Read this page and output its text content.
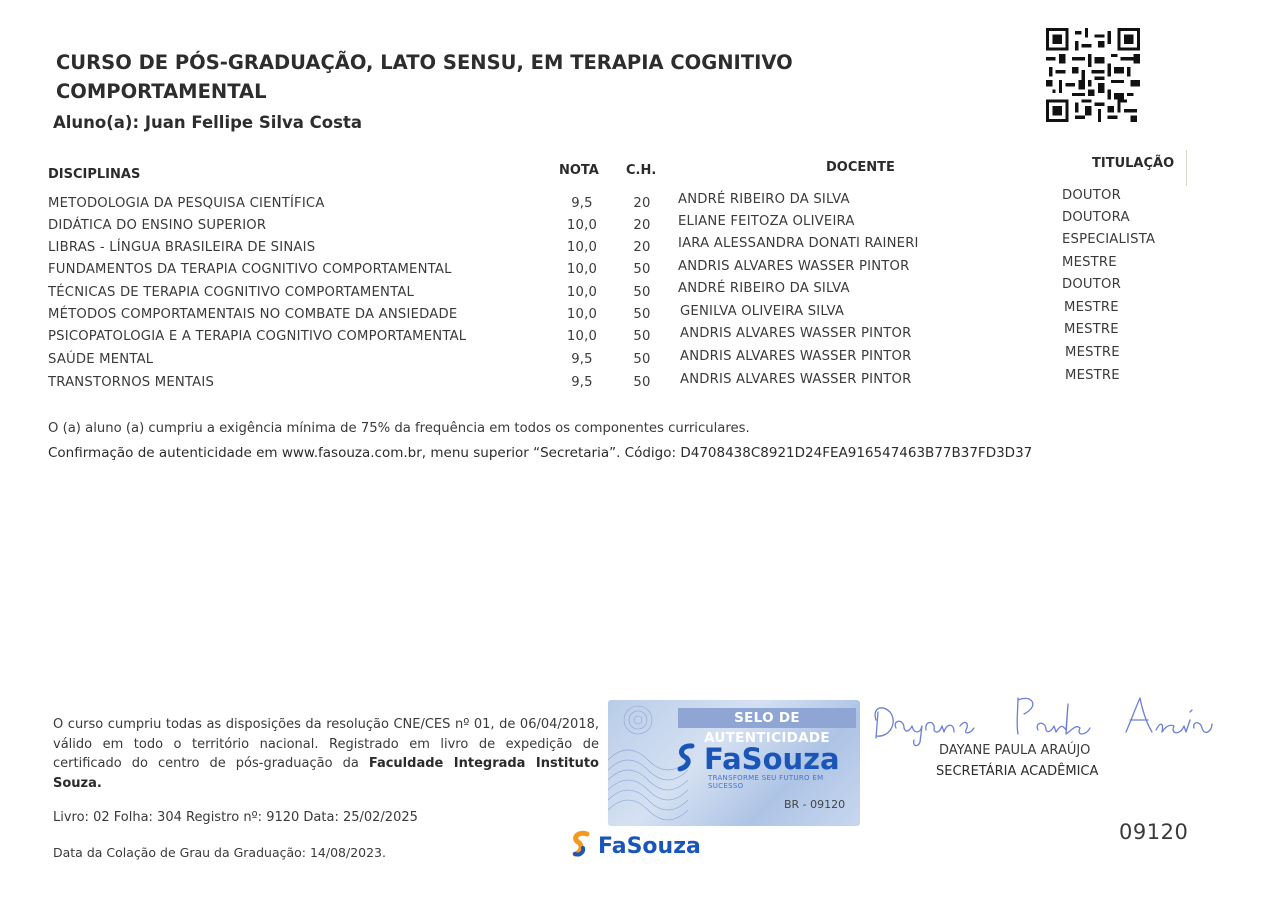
CURSO DE PÓS-GRADUAÇÃO, LATO SENSU, EM TERAPIA COGNITIVO COMPORTAMENTAL
Aluno(a): Juan Fellipe Silva Costa
DISCIPLINAS	NOTA C.H.	DOCENTE	TITULAÇÃO
METODOLOGIA DA PESQUISA CIENTÍFICA	9,5	20	ANDRÉ RIBEIRO DA SILVA	DOUTOR
DIDÁTICA DO ENSINO SUPERIOR	10,0	20	ELIANE FEITOZA OLIVEIRA	DOUTORA
LIBRAS - LÍNGUA BRASILEIRA DE SINAIS	10,0	20	IARA ALESSANDRA DONATI RAINERI	ESPECIALISTA
FUNDAMENTOS DA TERAPIA COGNITIVO COMPORTAMENTAL	10,0	50	ANDRIS ALVARES WASSER PINTOR	MESTRE
TÉCNICAS DE TERAPIA COGNITIVO COMPORTAMENTAL	10,0	50	ANDRÉ RIBEIRO DA SILVA	DOUTOR
MÉTODOS COMPORTAMENTAIS NO COMBATE DA ANSIEDADE	10,0	50	GENILVA OLIVEIRA SILVA	MESTRE
PSICOPATOLOGIA E A TERAPIA COGNITIVO COMPORTAMENTAL	10,0	50	ANDRIS ALVARES WASSER PINTOR	MESTRE
SAÚDE MENTAL	9,5	50	ANDRIS ALVARES WASSER PINTOR	MESTRE
TRANSTORNOS MENTAIS	9,5	50	ANDRIS ALVARES WASSER PINTOR	MESTRE
O (a) aluno (a) cumpriu a exigência mínima de 75% da frequência em todos os componentes curriculares.
Confirmação de autenticidade em www.fasouza.com.br, menu superior “Secretaria”. Código: D4708438C8921D24FEA916547463B77B37FD3D37
O curso cumpriu todas as disposições da resolução CNE/CES nº 01, de 06/04/2018, válido em todo o território nacional. Registrado em livro de expedição de certificado do centro de pós-graduação da Faculdade Integrada Instituto Souza.
Livro: 02 Folha: 304 Registro nº: 9120 Data: 25/02/2025
Data da Colação de Grau da Graduação: 14/08/2023.
SELO DE AUTENTICIDADE
FaSouza
TRANSFORME SEU FUTURO EM SUCESSO
BR - 09120
FaSouza
DAYANE PAULA ARAÚJO
SECRETÁRIA ACADÊMICA
09120
